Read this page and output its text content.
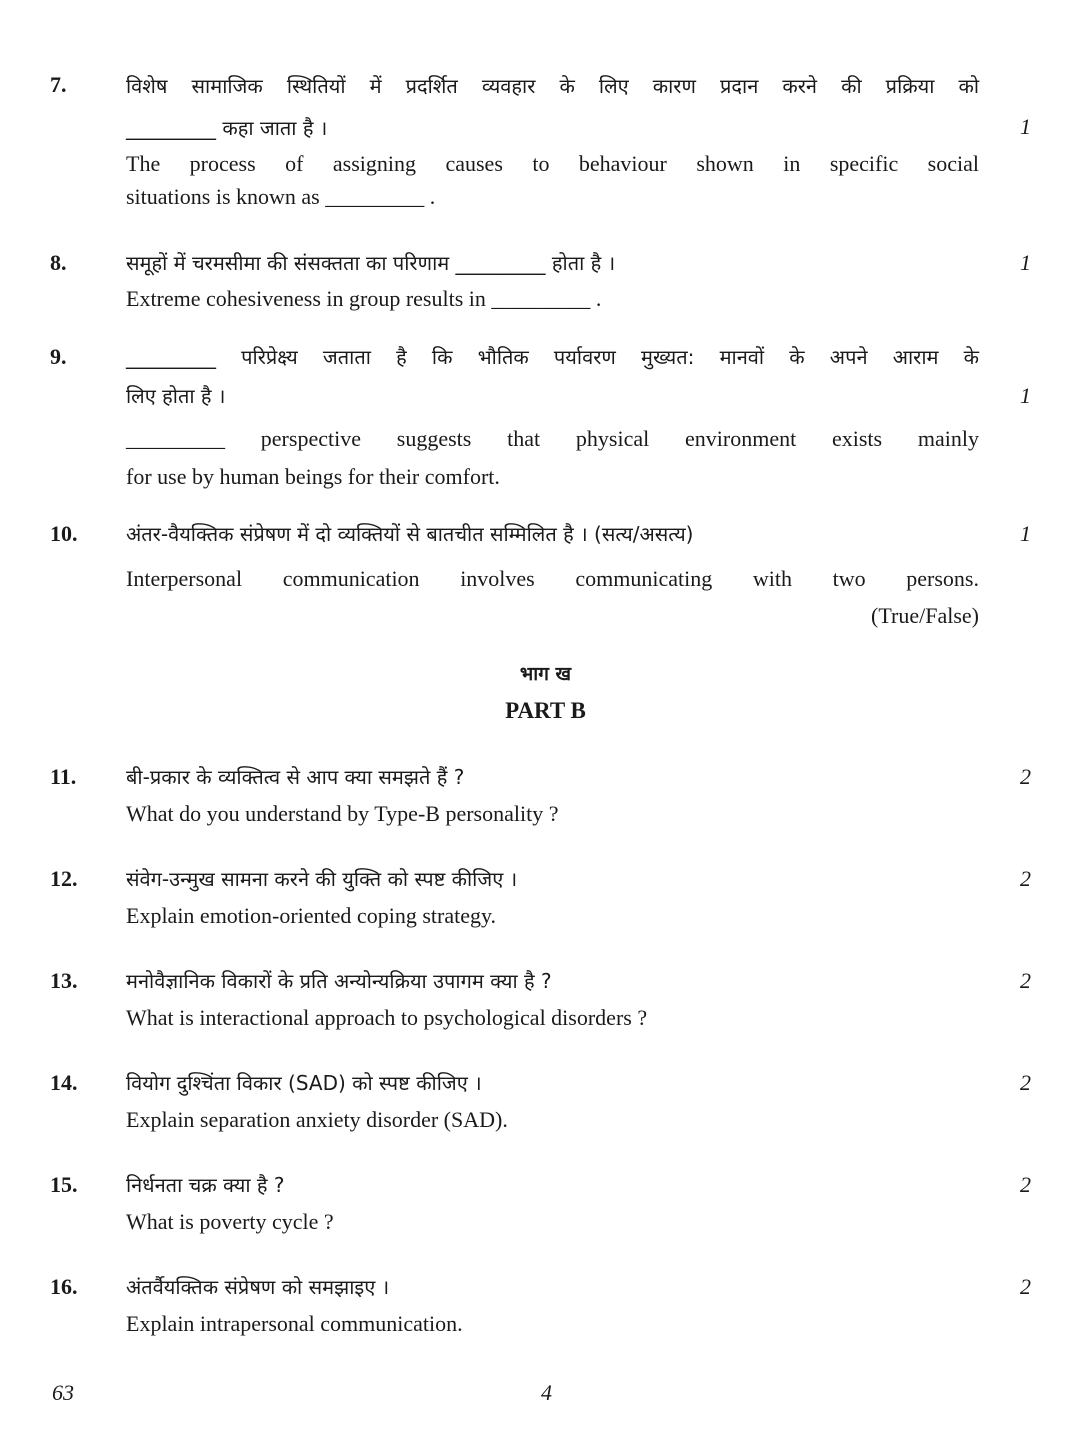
7.	विशेष सामाजिक स्थितियों में प्रदर्शित व्यवहार के लिए कारण प्रदान करने की प्रक्रिया को
_________ कहा जाता है ।	1
The process of assigning causes to behaviour shown in specific social
situations is known as _________ .
8.	समूहों में चरमसीमा की संसक्तता का परिणाम _________ होता है ।	1
Extreme cohesiveness in group results in _________ .
9.	_________ परिप्रेक्ष्य जताता है कि भौतिक पर्यावरण मुख्यत: मानवों के अपने आराम के
लिए होता है ।	1
_________ perspective suggests that physical environment exists mainly
for use by human beings for their comfort.
10. अंतर-वैयक्तिक संप्रेषण में दो व्यक्तियों से बातचीत सम्मिलित है । (सत्य/असत्य)	1
Interpersonal communication involves communicating with two persons.
(True/False)
भाग ख
PART B
11. बी-प्रकार के व्यक्तित्व से आप क्या समझते हैं ?	2
What do you understand by Type-B personality ?
12. संवेग-उन्मुख सामना करने की युक्ति को स्पष्ट कीजिए ।	2
Explain emotion-oriented coping strategy.
13. मनोवैज्ञानिक विकारों के प्रति अन्योन्यक्रिया उपागम क्या है ?	2
What is interactional approach to psychological disorders ?
14. वियोग दुश्चिंता विकार (SAD) को स्पष्ट कीजिए ।	2
Explain separation anxiety disorder (SAD).
15. निर्धनता चक्र क्या है ?	2
What is poverty cycle ?
16. अंतर्वैयक्तिक संप्रेषण को समझाइए ।	2
Explain intrapersonal communication.
63	4
